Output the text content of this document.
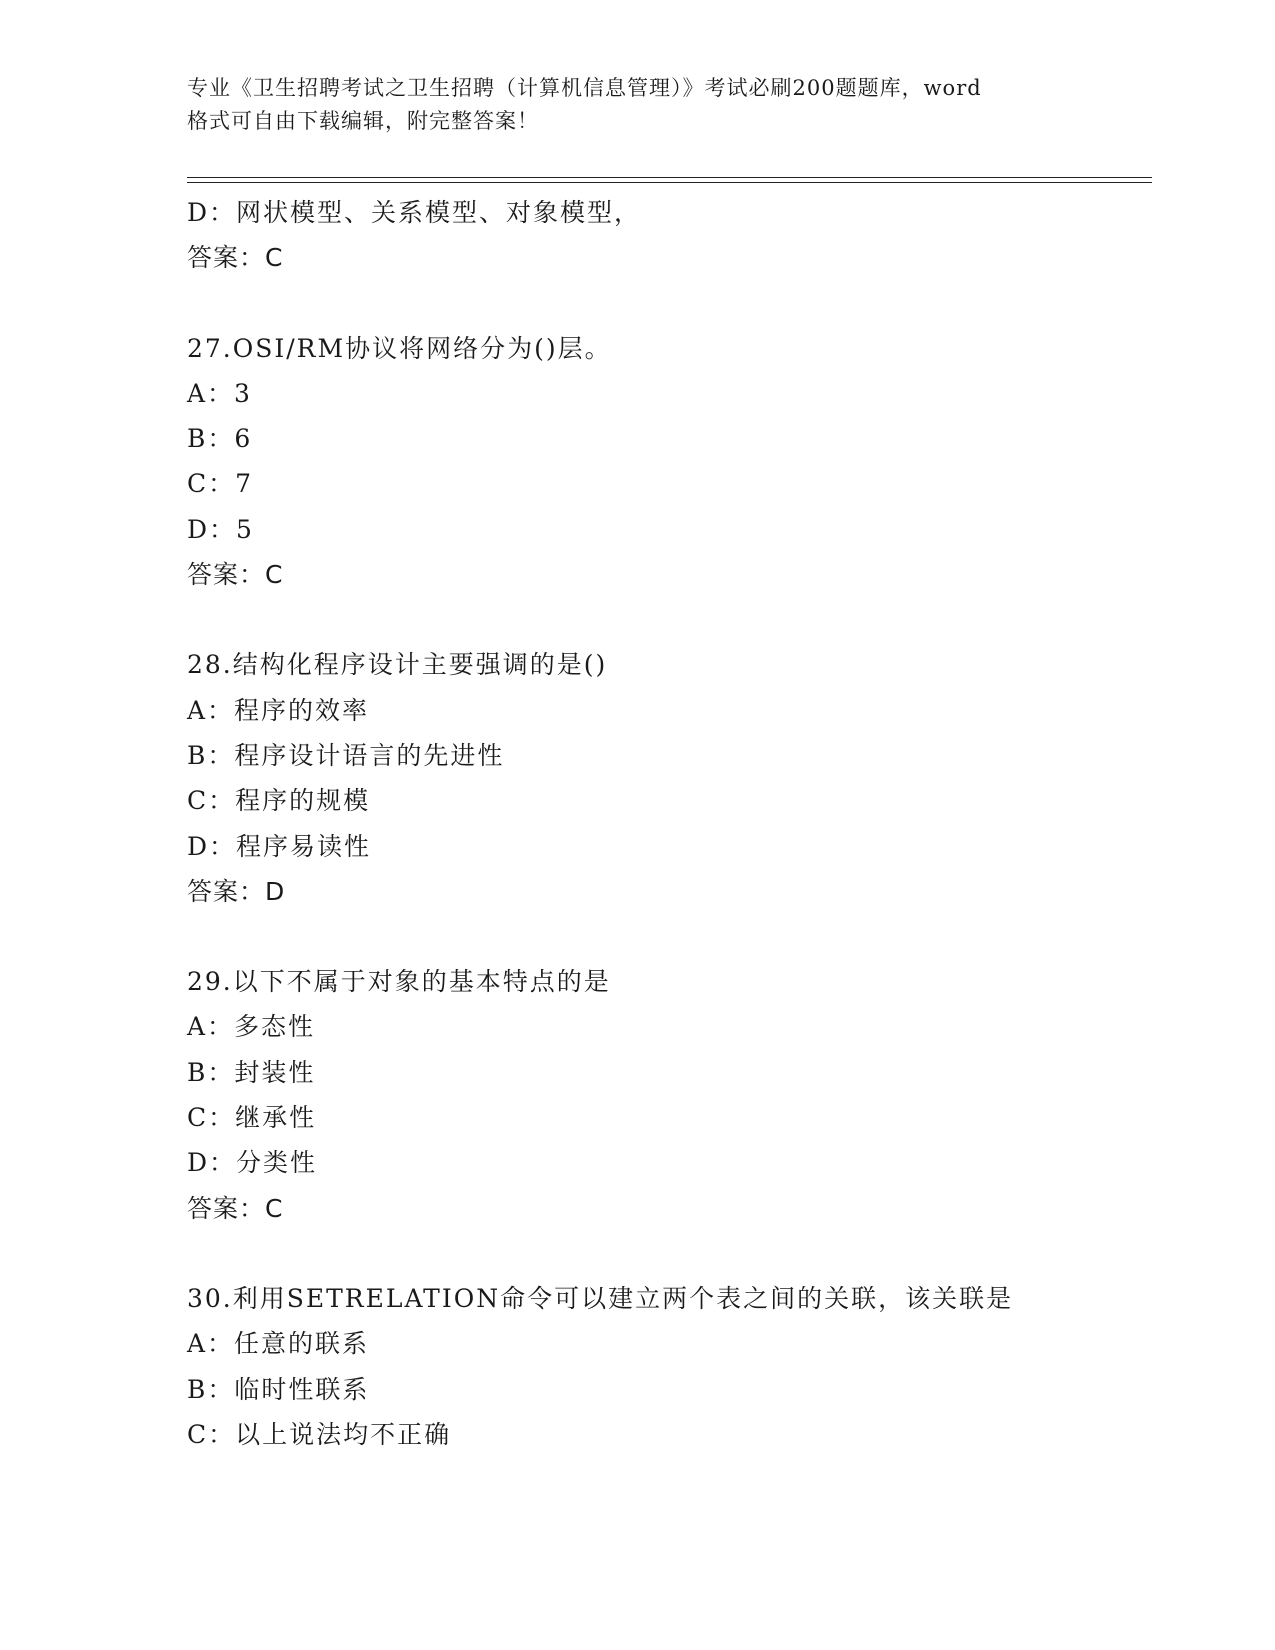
专业《卫生招聘考试之卫生招聘（计算机信息管理）》考试必刷200题题库，word
格式可自由下载编辑，附完整答案！
D：网状模型、关系模型、对象模型，
答案：C
27.OSI/RM协议将网络分为()层。
A：3
B：6
C：7
D：5
答案：C
28.结构化程序设计主要强调的是()
A：程序的效率
B：程序设计语言的先进性
C：程序的规模
D：程序易读性
答案：D
29.以下不属于对象的基本特点的是
A：多态性
B：封装性
C：继承性
D：分类性
答案：C
30.利用SETRELATION命令可以建立两个表之间的关联，该关联是
A：任意的联系
B：临时性联系
C：以上说法均不正确
